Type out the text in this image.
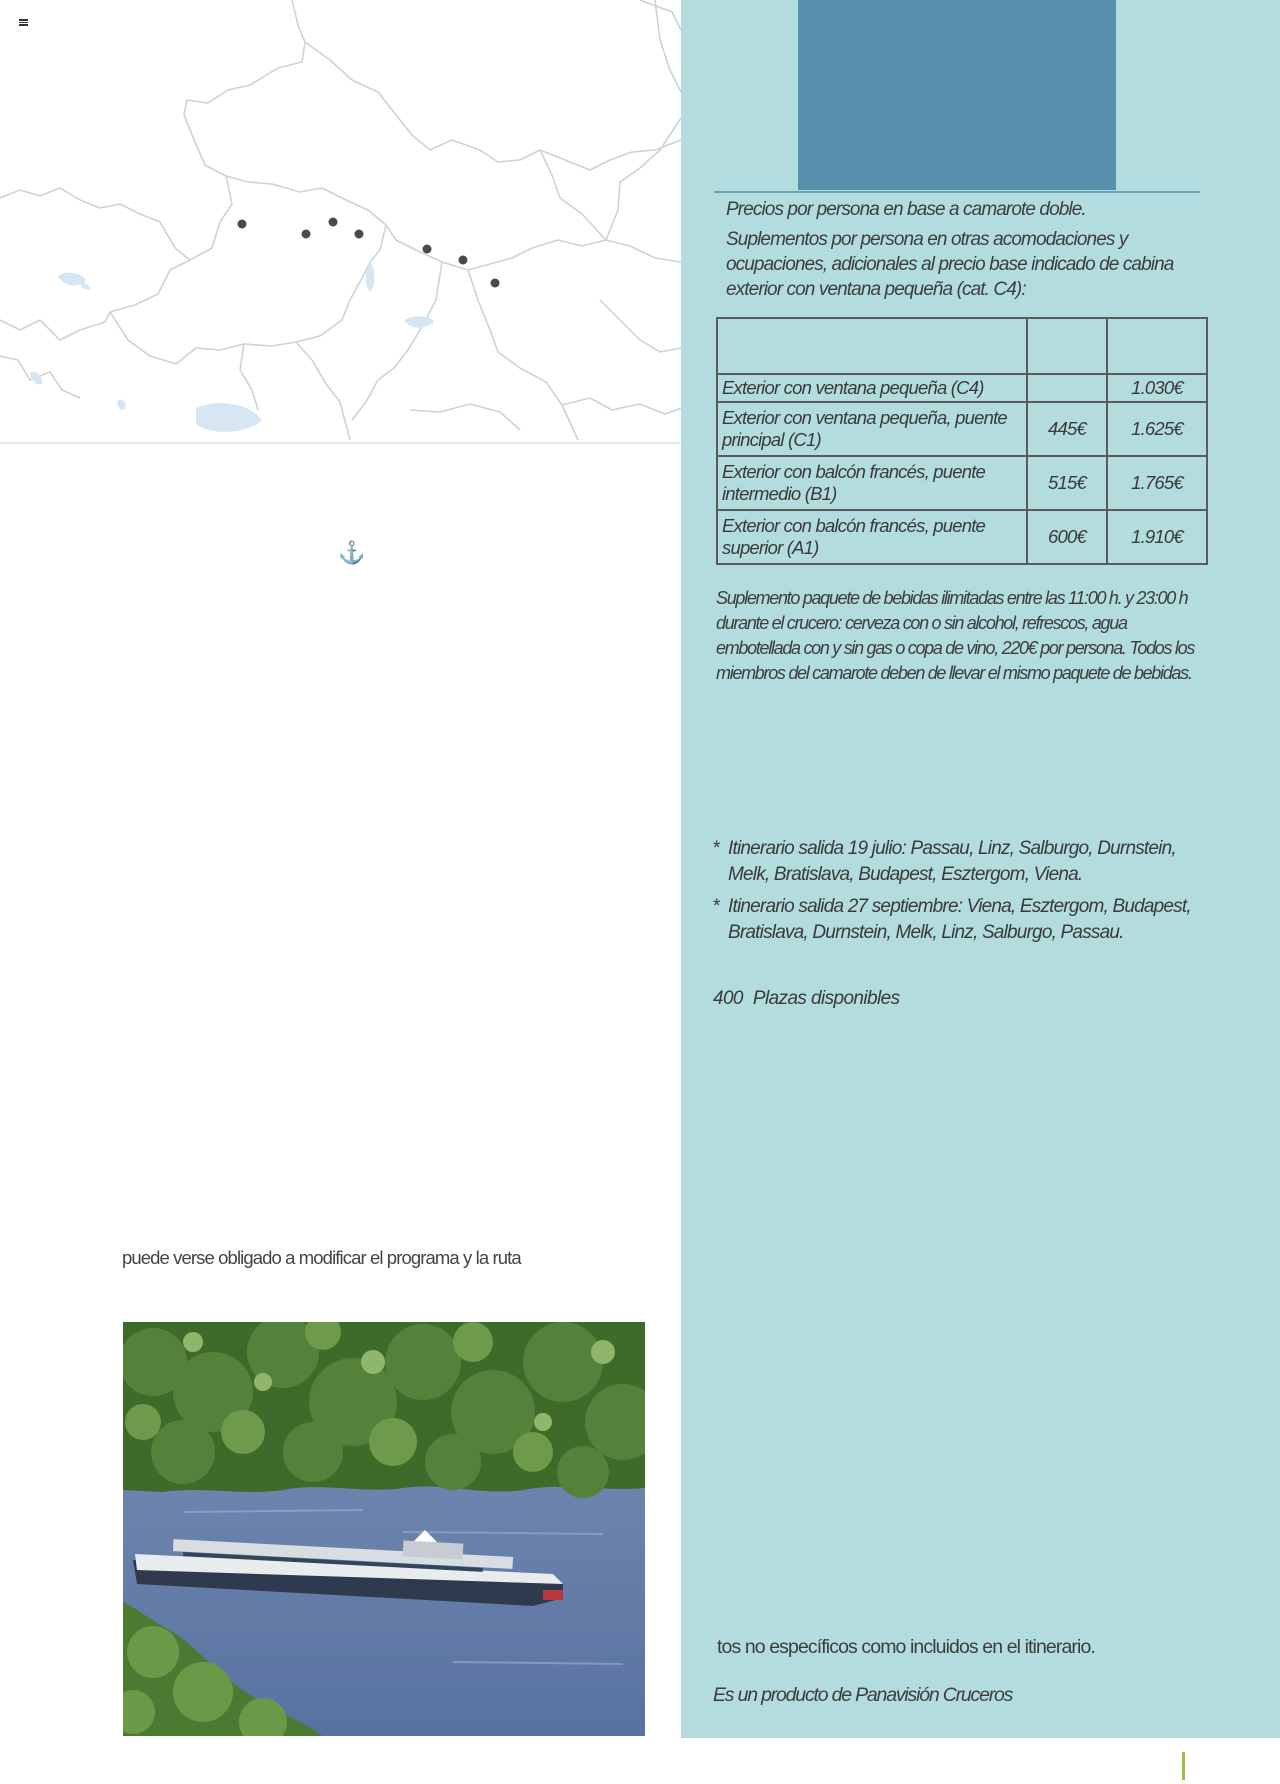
⚓
puede verse obligado a modificar el programa y la ruta

Precios por persona en base a camarote doble.

Suplementos por persona en otras acomodaciones y ocupaciones, adicionales al precio base indicado de cabina exterior con ventana pequeña (cat. C4):

Exterior con ventana pequeña (C4)		1.030€
Exterior con ventana pequeña, puente principal (C1)	445€	1.625€
Exterior con balcón francés, puente intermedio (B1)	515€	1.765€
Exterior con balcón francés, puente superior (A1)	600€	1.910€
Suplemento paquete de bebidas ilimitadas entre las 11:00 h. y 23:00 h durante el crucero: cerveza con o sin alcohol, refrescos, agua embotellada con y sin gas o copa de vino, 220€ por persona. Todos los miembros del camarote deben de llevar el mismo paquete de bebidas.
* Itinerario salida 19 julio: Passau, Linz, Salburgo, Durnstein, Melk, Bratislava, Budapest, Esztergom, Viena.
* Itinerario salida 27 septiembre: Viena, Esztergom, Budapest, Bratislava, Durnstein, Melk, Linz, Salburgo, Passau.
400 Plazas disponibles
tos no específicos como incluidos en el itinerario.
Es un producto de Panavisión Cruceros
